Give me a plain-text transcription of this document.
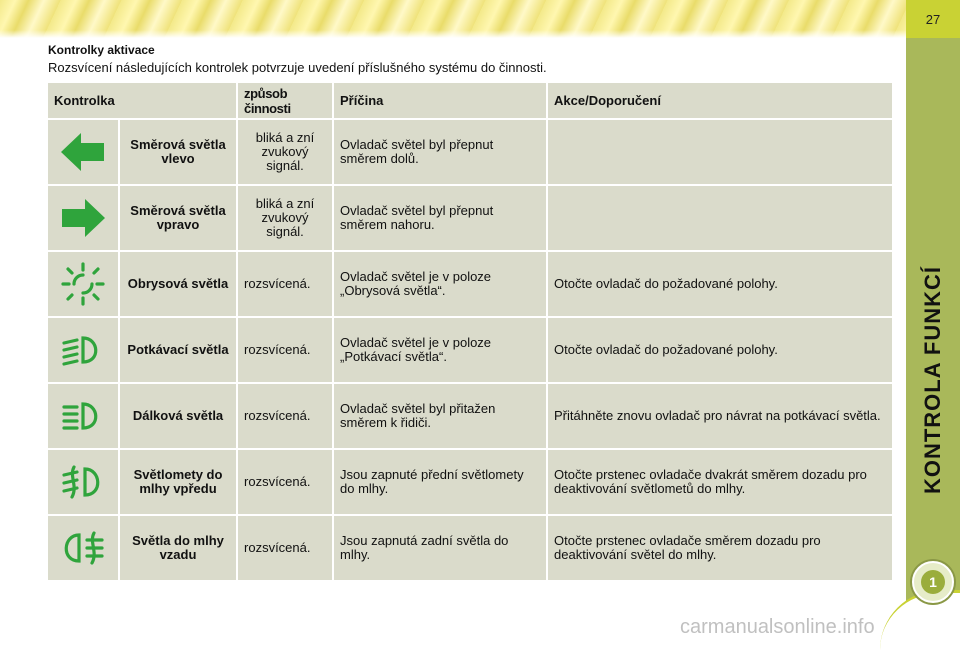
27
KONTROLA FUNKCÍ
1
Kontrolky aktivace
Rozsvícení následujících kontrolek potvrzuje uvedení příslušného systému do činnosti.
Kontrolka		způsob činnosti	Příčina	Akce/Doporučení

	Směrová světla vlevo	bliká a zní zvukový signál.	Ovladač světel byl přepnut směrem dolů.	

	Směrová světla vpravo	bliká a zní zvukový signál.	Ovladač světel byl přepnut směrem nahoru.	

	Obrysová světla	rozsvícená.	Ovladač světel je v poloze „Obrysová světla“.	Otočte ovladač do požadované polohy.

	Potkávací světla	rozsvícená.	Ovladač světel je v poloze „Potkávací světla“.	Otočte ovladač do požadované polohy.

	Dálková světla	rozsvícená.	Ovladač světel byl přitažen směrem k řidiči.	Přitáhněte znovu ovladač pro návrat na potkávací světla.

	Světlomety do mlhy vpředu	rozsvícená.	Jsou zapnuté přední světlomety do mlhy.	Otočte prstenec ovladače dvakrát směrem dozadu pro deaktivování světlometů do mlhy.

	Světla do mlhy vzadu	rozsvícená.	Jsou zapnutá zadní světla do mlhy.	Otočte prstenec ovladače směrem dozadu pro deaktivování světel do mlhy.
carmanualsonline.info
